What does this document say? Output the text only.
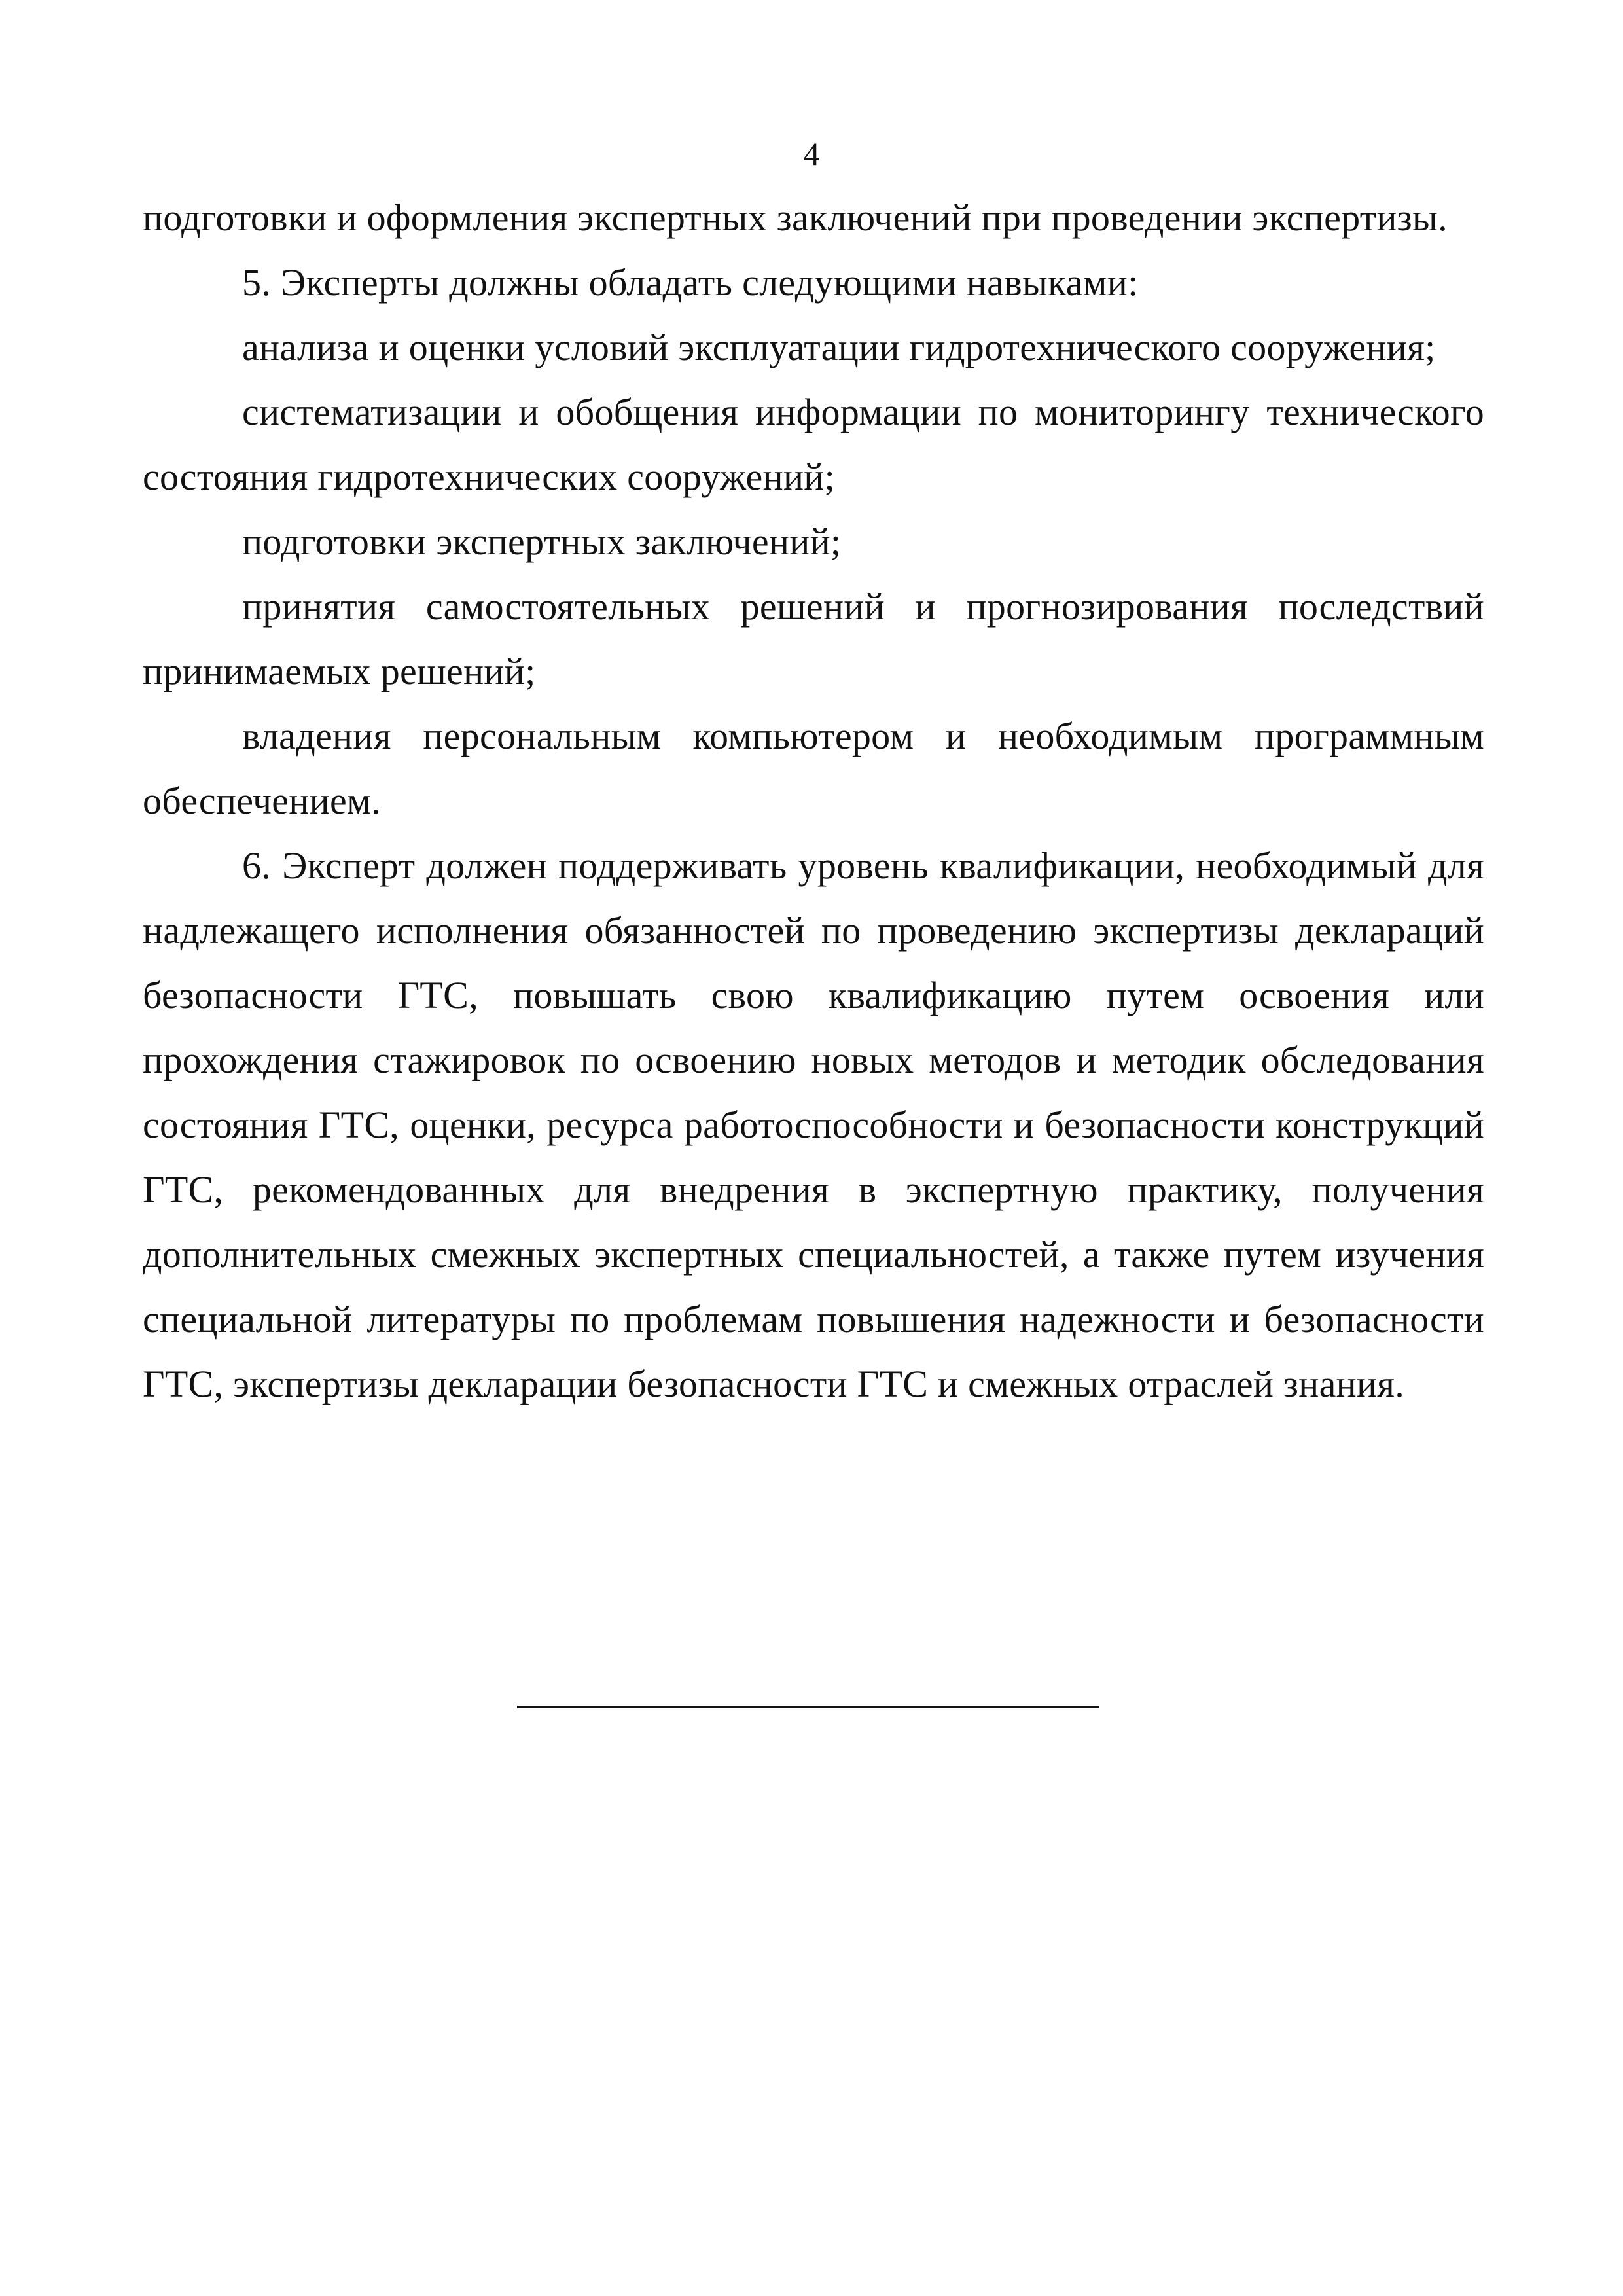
4

подготовки и оформления экспертных заключений при проведении экспертизы.

5. Эксперты должны обладать следующими навыками:

анализа и оценки условий эксплуатации гидротехнического сооружения;

систематизации и обобщения информации по мониторингу технического состояния гидротехнических сооружений;

подготовки экспертных заключений;

принятия самостоятельных решений и прогнозирования последствий принимаемых решений;

владения персональным компьютером и необходимым программным обеспечением.

6. Эксперт должен поддерживать уровень квалификации, необходимый для надлежащего исполнения обязанностей по проведению экспертизы деклараций безопасности ГТС, повышать свою квалификацию путем освоения или прохождения стажировок по освоению новых методов и методик обследования состояния ГТС, оценки, ресурса работоспособности и безопасности конструкций ГТС, рекомендованных для внедрения в экспертную практику, получения дополнительных смежных экспертных специальностей, а также путем изучения специальной литературы по проблемам повышения надежности и безопасности ГТС, экспертизы декларации безопасности ГТС и смежных отраслей знания.
